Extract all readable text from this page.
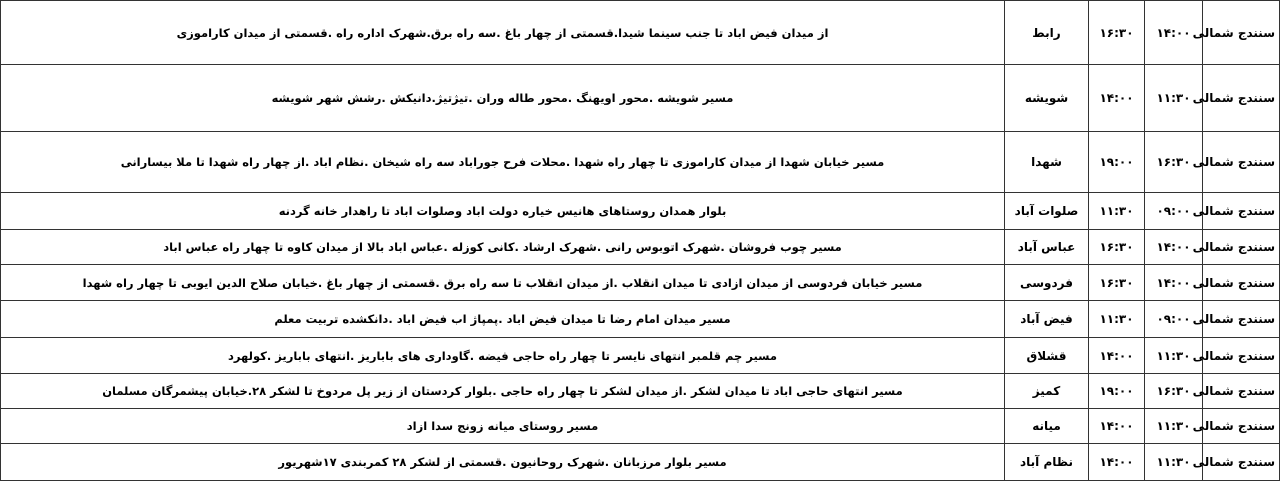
سنندج شمالی	۱۴:۰۰	۱۶:۳۰	رابط	از میدان فیض اباد تا جنب سینما شیدا.قسمتی از چهار باغ .سه راه برق.شهرک اداره راه .قسمتی از میدان کاراموزی
سنندج شمالی	۱۱:۳۰	۱۴:۰۰	شویشه	مسیر شویشه .محور اویهنگ .محور طاله وران .تیژتیژ.دانیکش .رشش شهر شویشه
سنندج شمالی	۱۶:۳۰	۱۹:۰۰	شهدا	مسیر خیابان شهدا از میدان کاراموزی تا چهار راه شهدا .محلات فرح جوراباد سه راه شیخان .نظام اباد .از چهار راه شهدا تا ملا بیسارانی
سنندج شمالی	۰۹:۰۰	۱۱:۳۰	صلوات آباد	بلوار همدان روستاهای هانیس خیاره دولت اباد وصلوات اباد تا راهدار خانه گردنه
سنندج شمالی	۱۴:۰۰	۱۶:۳۰	عباس آباد	مسیر چوب فروشان .شهرک اتوبوس رانی .شهرک ارشاد .کانی کوزله .عباس اباد بالا از میدان کاوه تا چهار راه عباس اباد
سنندج شمالی	۱۴:۰۰	۱۶:۳۰	فردوسی	مسیر خیابان فردوسی از میدان ازادی تا میدان انقلاب .از میدان انقلاب تا سه راه برق .قسمتی از چهار باغ .خیابان صلاح الدین ایوبی تا چهار راه شهدا
سنندج شمالی	۰۹:۰۰	۱۱:۳۰	فیض آباد	مسیر میدان امام رضا تا میدان فیض اباد .پمپاژ اب فیض اباد .دانکشده تربیت معلم
سنندج شمالی	۱۱:۳۰	۱۴:۰۰	قشلاق	مسیر چم قلمبر انتهای نایسر تا چهار راه حاجی فیضه .گاوداری های باباریز .انتهای باباریز .کولهرد
سنندج شمالی	۱۶:۳۰	۱۹:۰۰	کمیز	مسیر انتهای حاجی اباد تا میدان لشکر .از میدان لشکر تا چهار راه حاجی .بلوار کردستان از زیر پل مردوخ تا لشکر ۲۸.خیابان پیشمرگان مسلمان
سنندج شمالی	۱۱:۳۰	۱۴:۰۰	میانه	مسیر روستای میانه زونج سدا ازاد
سنندج شمالی	۱۱:۳۰	۱۴:۰۰	نظام آباد	مسیر بلوار مرزبانان .شهرک روحانیون .قسمتی از لشکر ۲۸ کمربندی ۱۷شهریور
